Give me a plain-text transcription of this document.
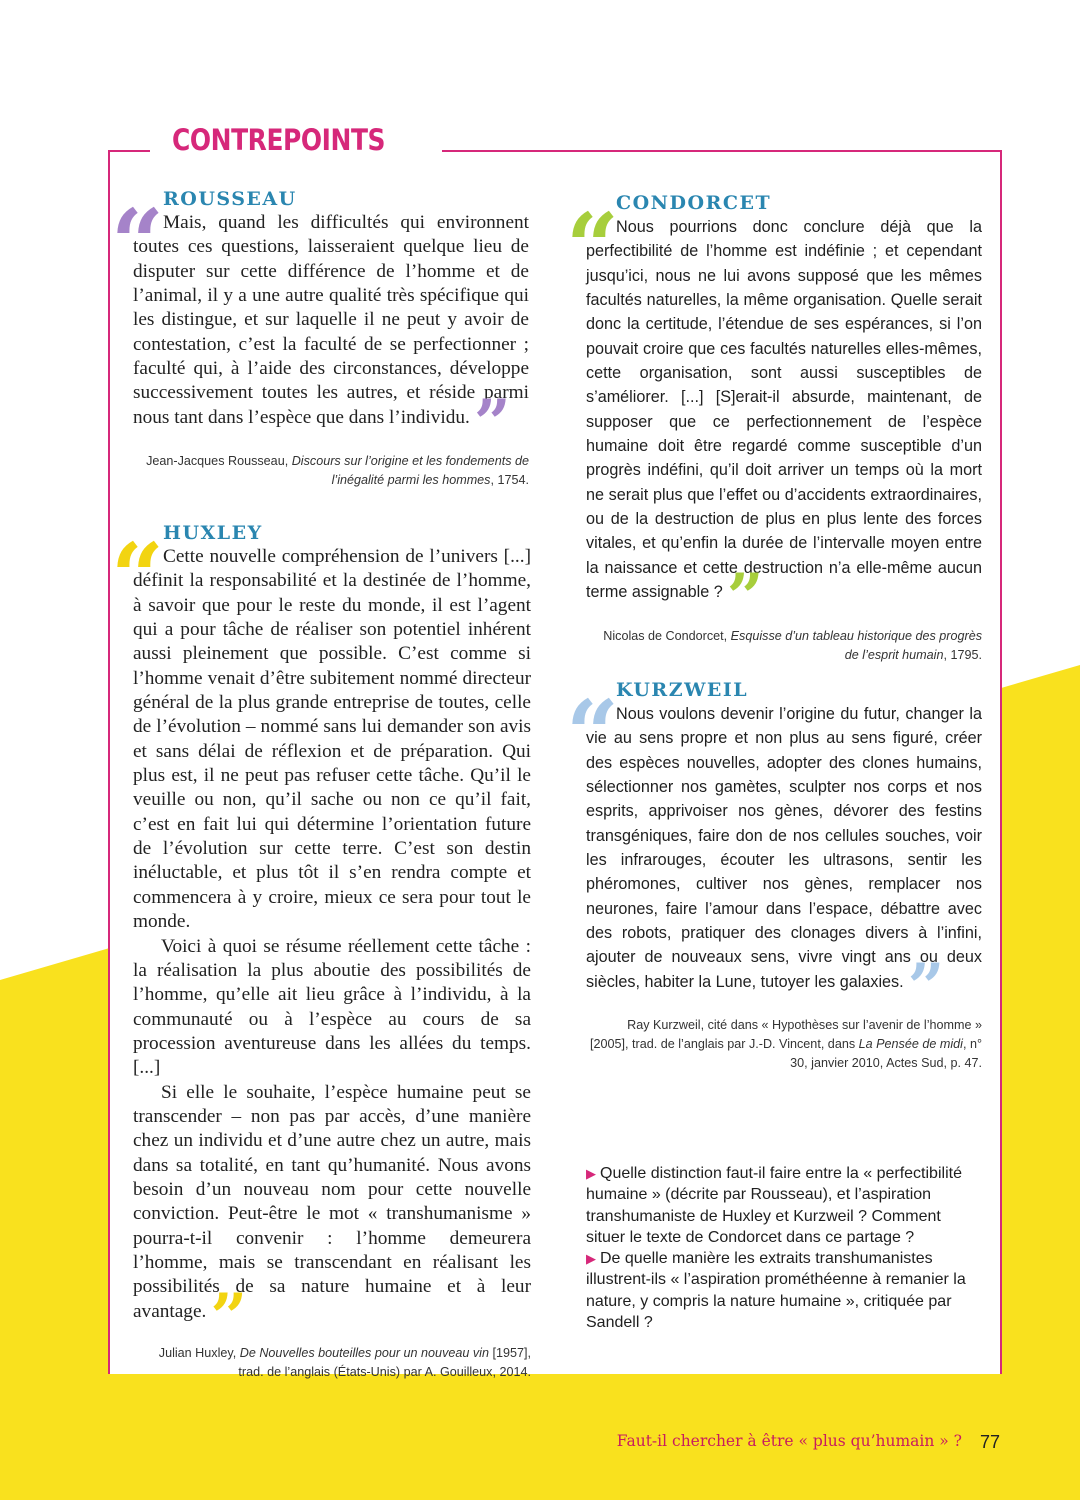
CONTREPOINTS
“ ROUSSEAU
Mais, quand les difficultés qui environnent toutes ces questions, laisseraient quelque lieu de disputer sur cette différence de l’homme et de l’animal, il y a une autre qualité très spécifique qui les distingue, et sur laquelle il ne peut y avoir de contestation, c’est la faculté de se perfectionner ; faculté qui, à l’aide des circonstances, développe successivement toutes les autres, et réside parmi nous tant dans l’espèce que dans l’individu.”

Jean-Jacques Rousseau, Discours sur l’origine et les fondements de l’inégalité parmi les hommes, 1754.

“ HUXLEY

Cette nouvelle compréhension de l’univers [...] définit la responsabilité et la destinée de l’homme, à savoir que pour le reste du monde, il est l’agent qui a pour tâche de réaliser son potentiel inhérent aussi pleinement que possible. C’est comme si l’homme venait d’être subitement nommé directeur général de la plus grande entreprise de toutes, celle de l’évolution – nommé sans lui demander son avis et sans délai de réflexion et de préparation. Qui plus est, il ne peut pas refuser cette tâche. Qu’il le veuille ou non, qu’il sache ou non ce qu’il fait, c’est en fait lui qui détermine l’orientation future de l’évolution sur cette terre. C’est son destin inéluctable, et plus tôt il s’en rendra compte et commencera à y croire, mieux ce sera pour tout le monde.

Voici à quoi se résume réellement cette tâche : la réalisation la plus aboutie des possibilités de l’homme, qu’elle ait lieu grâce à l’individu, à la communauté ou à l’espèce au cours de sa procession aventureuse dans les allées du temps. [...]

Si elle le souhaite, l’espèce humaine peut se transcender – non pas par accès, d’une manière chez un individu et d’une autre chez un autre, mais dans sa totalité, en tant qu’humanité. Nous avons besoin d’un nouveau nom pour cette nouvelle conviction. Peut-être le mot « transhumanisme » pourra-t-il convenir : l’homme demeurera l’homme, mais se transcendant en réalisant les possibilités de sa nature humaine et à leur avantage.”

Julian Huxley, De Nouvelles bouteilles pour un nouveau vin [1957], trad. de l’anglais (États-Unis) par A. Gouilleux, 2014.

“
CONDORCET
Nous pourrions donc conclure déjà que la perfectibilité de l’homme est indéfinie ; et cependant jusqu’ici, nous ne lui avons supposé que les mêmes facultés naturelles, la même organisation. Quelle serait donc la certitude, l’étendue de ses espérances, si l’on pouvait croire que ces facultés naturelles elles-mêmes, cette organisation, sont aussi susceptibles de s’améliorer. [...] [S]erait-il absurde, maintenant, de supposer que ce perfectionnement de l’espèce humaine doit être regardé comme susceptible d’un progrès indéfini, qu’il doit arriver un temps où la mort ne serait plus que l’effet ou d’accidents extraordinaires, ou de la destruction de plus en plus lente des forces vitales, et qu’enfin la durée de l’intervalle moyen entre la naissance et cette destruction n’a elle-même aucun terme assignable ?”

Nicolas de Condorcet, Esquisse d’un tableau historique des progrès de l’esprit humain, 1795.

“
KURZWEIL
Nous voulons devenir l’origine du futur, changer la vie au sens propre et non plus au sens figuré, créer des espèces nouvelles, adopter des clones humains, sélectionner nos gamètes, sculpter nos corps et nos esprits, apprivoiser nos gènes, dévorer des festins transgéniques, faire don de nos cellules souches, voir les infrarouges, écouter les ultrasons, sentir les phéromones, cultiver nos gènes, remplacer nos neurones, faire l’amour dans l’espace, débattre avec des robots, pratiquer des clonages divers à l’infini, ajouter de nouveaux sens, vivre vingt ans ou deux siècles, habiter la Lune, tutoyer les galaxies.”

Ray Kurzweil, cité dans « Hypothèses sur l’avenir de l’homme » [2005], trad. de l’anglais par J.-D. Vincent, dans La Pensée de midi, n° 30, janvier 2010, Actes Sud, p. 47.

▶ Quelle distinction faut-il faire entre la « perfectibilité humaine » (décrite par Rousseau), et l’aspiration transhumaniste de Huxley et Kurzweil ? Comment situer le texte de Condorcet dans ce partage ?

▶ De quelle manière les extraits transhumanistes illustrent-ils « l’aspiration prométhéenne à remanier la nature, y compris la nature humaine », critiquée par Sandell ?

Faut-il chercher à être « plus qu’humain » ? 77
